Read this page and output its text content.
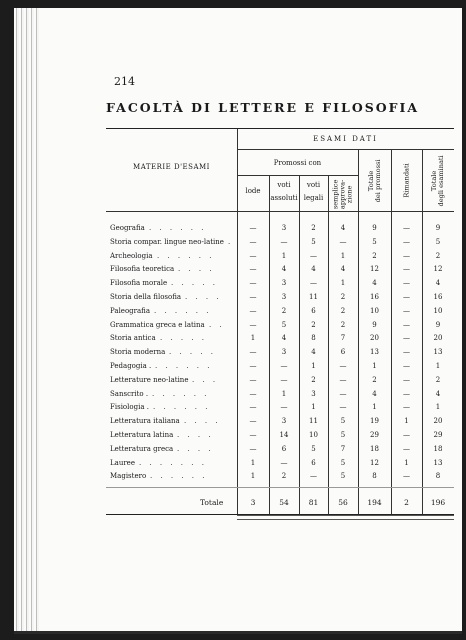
214
FACOLTÀ DI LETTERE E FILOSOFIA
MATERIE D'ESAMI
ESAMI DATI
Promossi con
lode
voti
assoluti
voti
legali	semplice
approva-
zione
Totale
dei promossi	Rimandati	Totale
degli esaminati
Geografia . . . . . .	—	3	2	4	9	—	9
Storia compar. lingue neo-latine .	—	—	5	—	5	—	5
Archeologia . . . . . .	—	1	—	1	2	—	2
Filosofia teoretica . . . .	—	4	4	4	12	—	12
Filosofia morale . . . . .	—	3	—	1	4	—	4
Storia della filosofia . . . .	—	3	11	2	16	—	16
Paleografia . . . . . .	—	2	6	2	10	—	10
Grammatica greca e latina . .	—	5	2	2	9	—	9
Storia antica . . . . .	1	4	8	7	20	—	20
Storia moderna . . . . .	—	3	4	6	13	—	13
Pedagogia . . . . . . .	—	—	1	—	1	—	1
Letterature neo-latine . . .	—	—	2	—	2	—	2
Sanscrito . . . . . . .	—	1	3	—	4	—	4
Fisiologia . . . . . . .	—	—	1	—	1	—	1
Letteratura italiana . . . .	—	3	11	5	19	1	20
Letteratura latina . . . .	—	14	10	5	29	—	29
Letteratura greca . . . .	—	6	5	7	18	—	18
Lauree . . . . . . .	1	—	6	5	12	1	13
Magistero . . . . . .	1	2	—	5	8	—	8
Totale	3	54	81	56	194	2	196
